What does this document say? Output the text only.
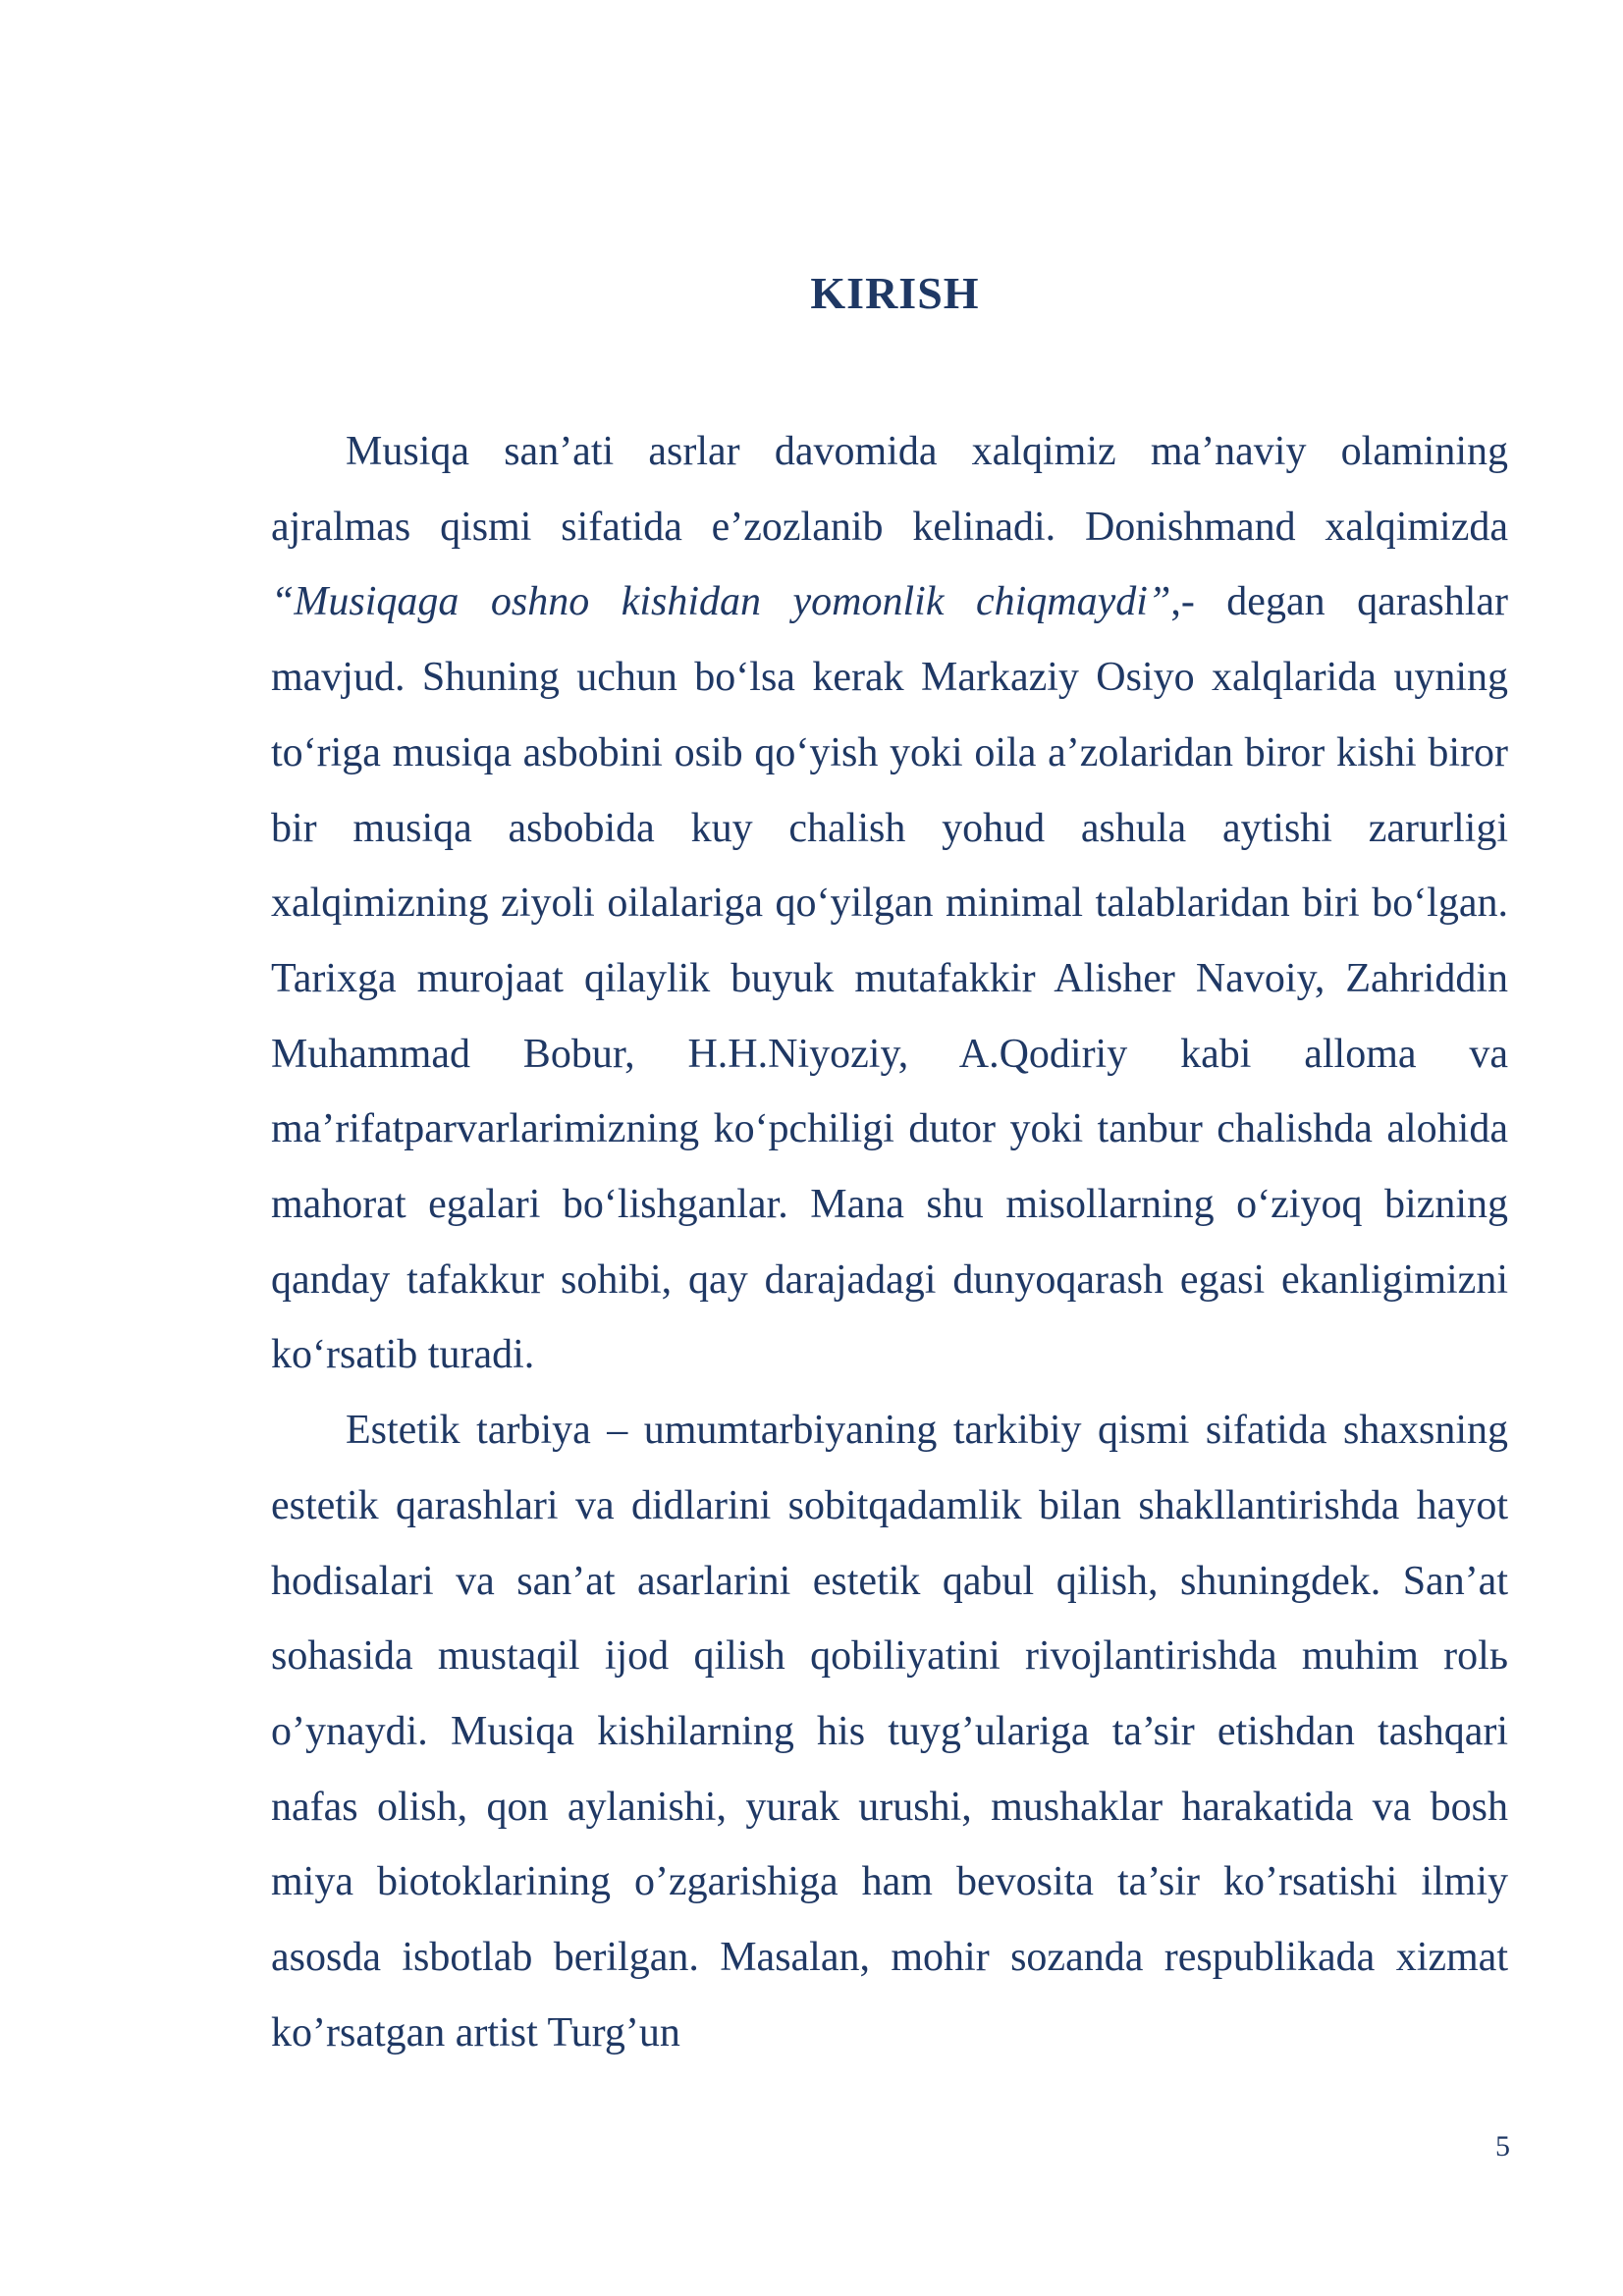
KIRISH

Musiqa san’ati asrlar davomida xalqimiz ma’naviy olamining ajralmas qismi sifatida e’zozlanib kelinadi. Donishmand xalqimizda “Musiqaga oshno kishidan yomonlik chiqmaydi”,- degan qarashlar mavjud. Shuning uchun bo‘lsa kerak Markaziy Osiyo xalqlarida uyning to‘riga musiqa asbobini osib qo‘yish yoki oila a’zolaridan biror kishi biror bir musiqa asbobida kuy chalish yohud ashula aytishi zarurligi xalqimizning ziyoli oilalariga qo‘yilgan minimal talablaridan biri bo‘lgan. Tarixga murojaat qilaylik buyuk mutafakkir Alisher Navoiy, Zahriddin Muhammad Bobur, H.H.Niyoziy, A.Qodiriy kabi alloma va ma’rifatparvarlarimizning ko‘pchiligi dutor yoki tanbur chalishda alohida mahorat egalari bo‘lishganlar. Mana shu misollarning o‘ziyoq bizning qanday tafakkur sohibi, qay darajadagi dunyoqarash egasi ekanligimizni ko‘rsatib turadi.

Estetik tarbiya – umumtarbiyaning tarkibiy qismi sifatida shaxsning estetik qarashlari va didlarini sobitqadamlik bilan shakllantirishda hayot hodisalari va san’at asarlarini estetik qabul qilish, shuningdek. San’at sohasida mustaqil ijod qilish qobiliyatini rivojlantirishda muhim rolь o’ynaydi. Musiqa kishilarning his tuyg’ulariga ta’sir etishdan tashqari nafas olish, qon aylanishi, yurak urushi, mushaklar harakatida va bosh miya biotoklarining o’zgarishiga ham bevosita ta’sir ko’rsatishi ilmiy asosda isbotlab berilgan. Masalan, mohir sozanda respublikada xizmat ko’rsatgan artist Turg’un

5
